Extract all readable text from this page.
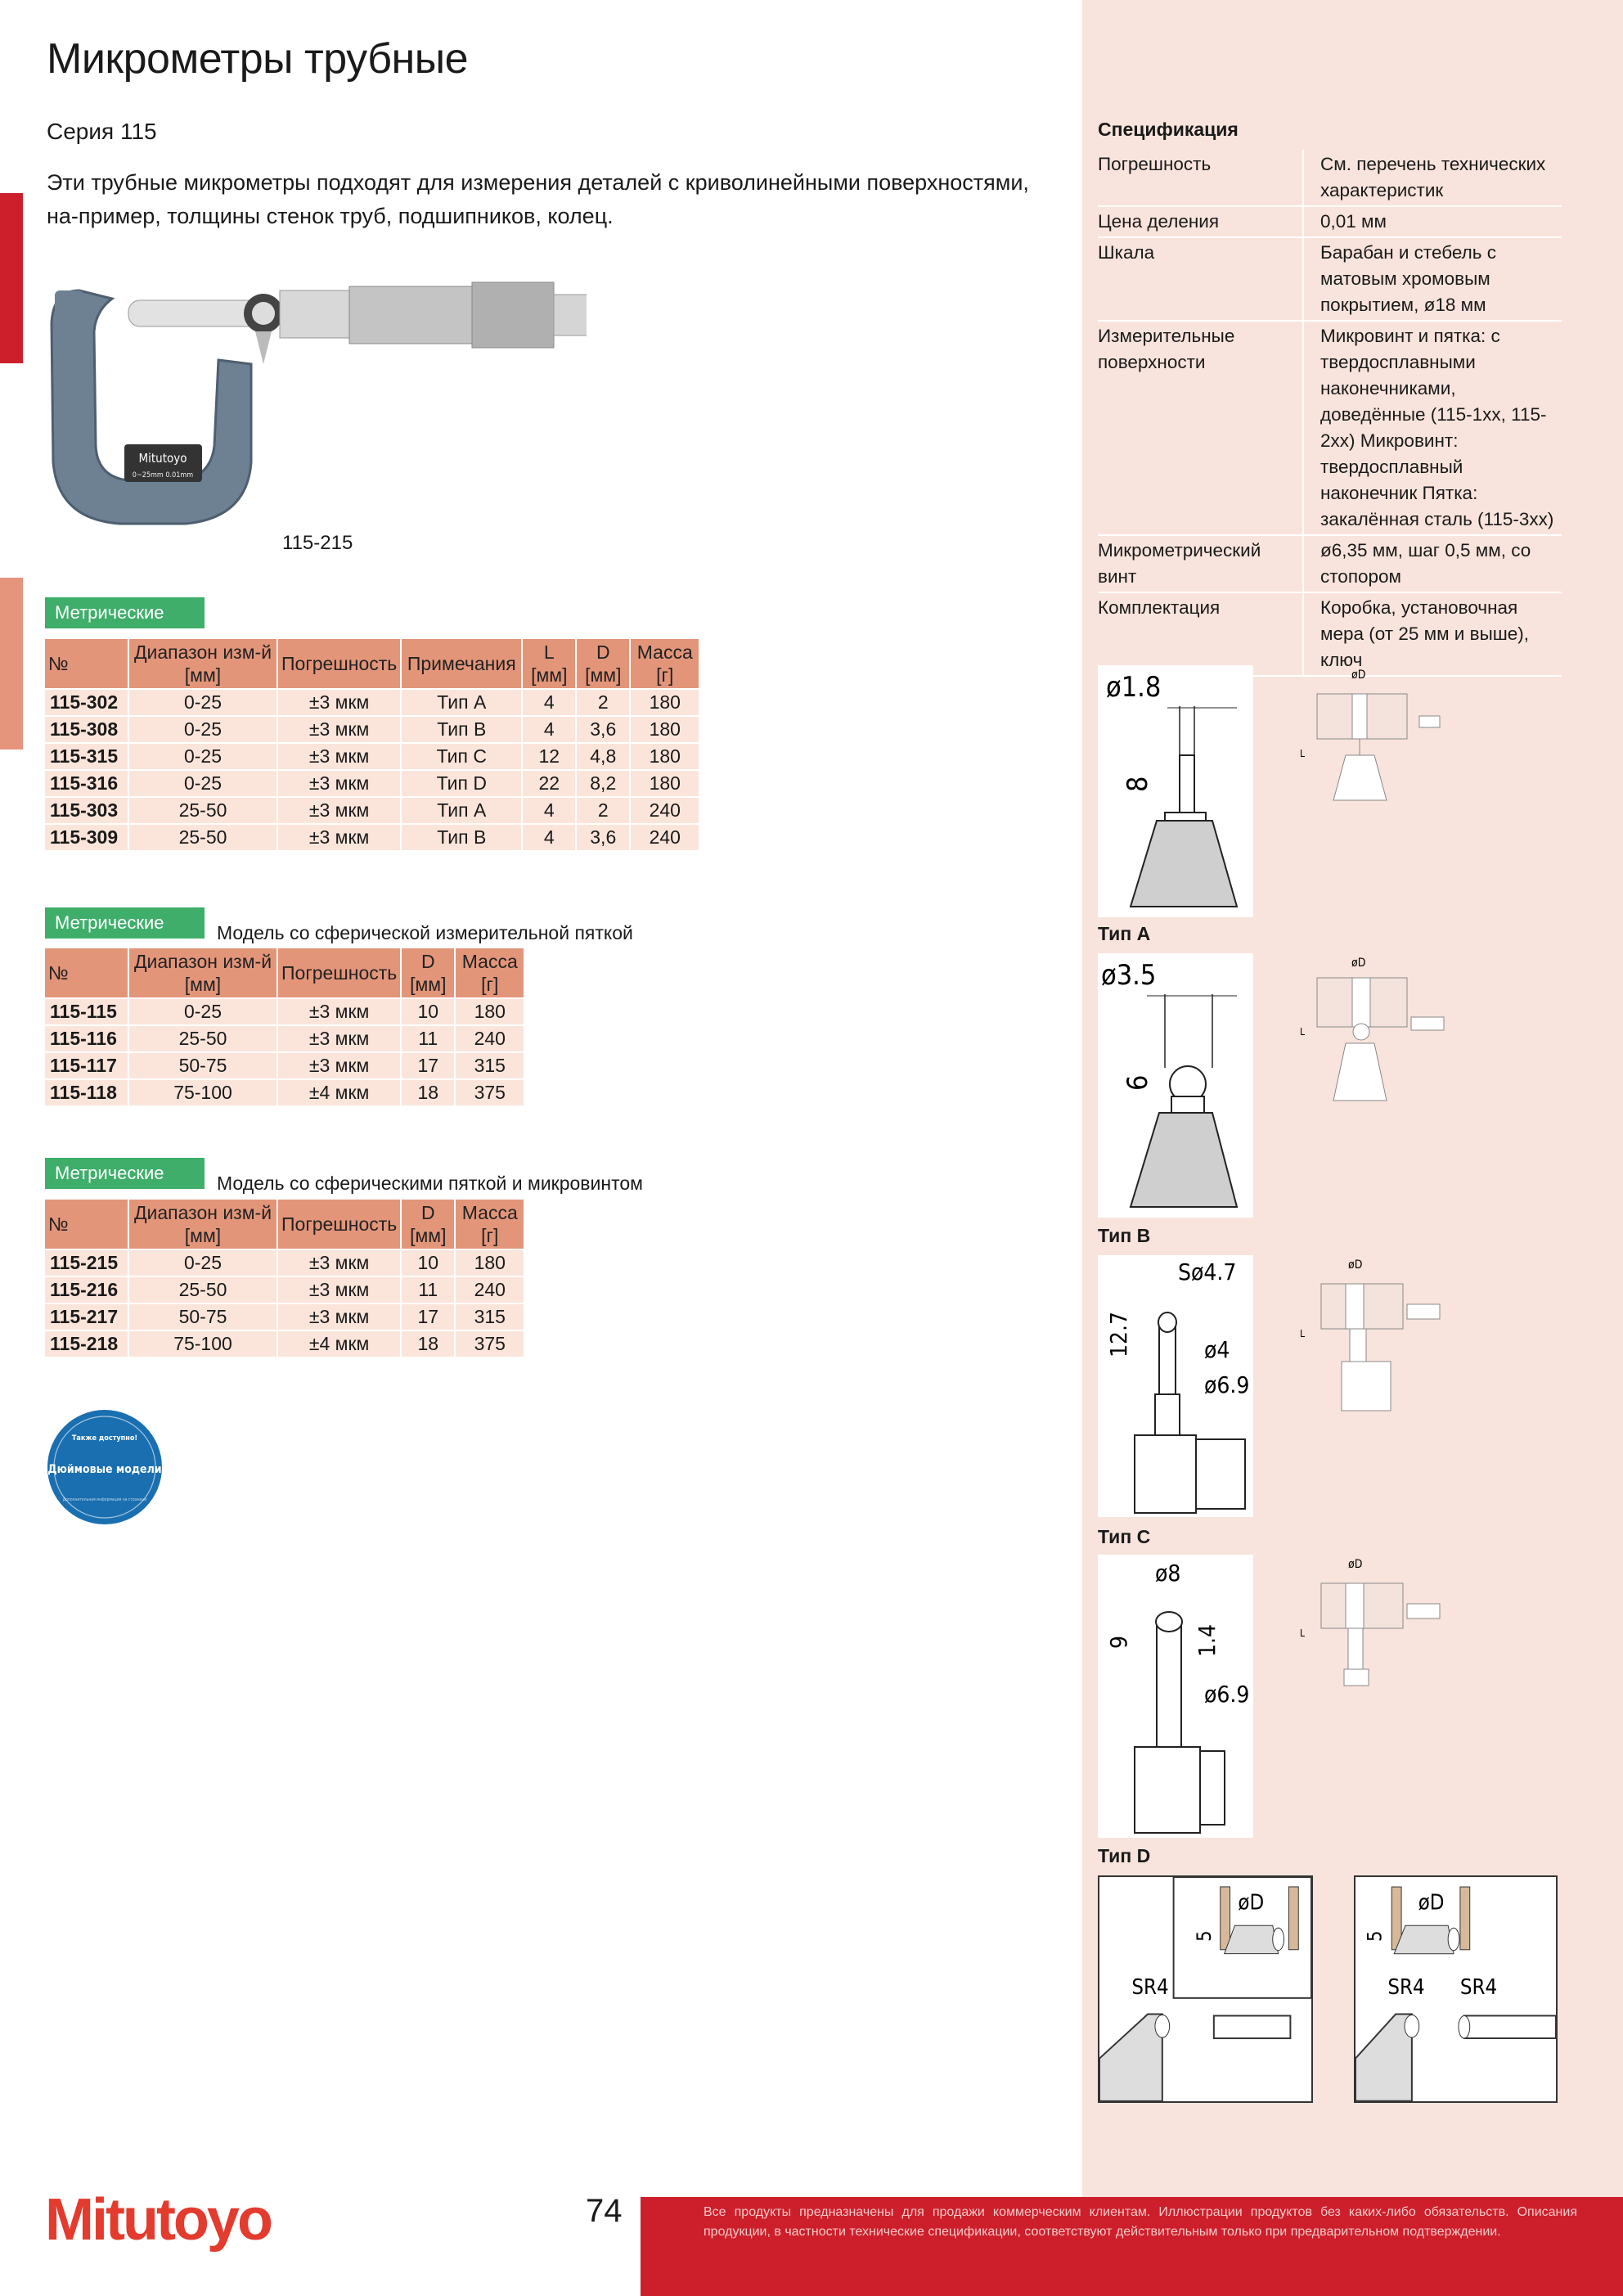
Микрометры трубные
Серия 115
Эти трубные микрометры подходят для измерения деталей с криволинейными поверхностями, на-пример, толщины стенок труб, подшипников, колец.
Mitutoyo
0~25mm 0.01mm
115-215
Метрические
№	Диапазон изм-й [мм]	Погрешность	Примечания	L [мм]	D [мм]	Масса [г]
115-302	0-25	±3 мкм	Тип А	4	2	180
115-308	0-25	±3 мкм	Тип B	4	3,6	180
115-315	0-25	±3 мкм	Тип C	12	4,8	180
115-316	0-25	±3 мкм	Тип D	22	8,2	180
115-303	25-50	±3 мкм	Тип А	4	2	240
115-309	25-50	±3 мкм	Тип B	4	3,6	240
Метрические	Модель со сферической измерительной пяткой
№	Диапазон изм-й [мм]	Погрешность	D [мм]	Масса [г]
115-115	0-25	±3 мкм	10	180
115-116	25-50	±3 мкм	11	240
115-117	50-75	±3 мкм	17	315
115-118	75-100	±4 мкм	18	375
Метрические	Модель со сферическими пяткой и микровинтом
№	Диапазон изм-й [мм]	Погрешность	D [мм]	Масса [г]
115-215	0-25	±3 мкм	10	180
115-216	25-50	±3 мкм	11	240
115-217	50-75	±3 мкм	17	315
115-218	75-100	±4 мкм	18	375
Также доступно!
Дюймовые модели
Дополнительная информация на странице
Спецификация
Погрешность	См. перечень технических характеристик
Цена деления	0,01 мм
Шкала	Барабан и стебель с матовым хромовым покрытием, ø18 мм
Измерительные поверхности	Микровинт и пятка: с твердосплавными наконечниками, доведённые (115-1xx, 115-2xx) Микровинт: твердосплавный наконечник Пятка: закалённая сталь (115-3xx)
Микрометрический винт	ø6,35 мм, шаг 0,5 мм, со стопором
Комплектация	Коробка, установочная мера (от 25 мм и выше), ключ
ø1.8
8
øD
L
Тип A
ø3.5
6
øD
L
Тип B
Sø4.7
ø4
ø6.9
12.7
øD
L
Тип C
ø8
ø6.9
9	1.4
øD
L
Тип D
øD
5
SR4
øD
5
SR4 SR4
Mitutoyo	74	Все продукты предназначены для продажи коммерческим клиентам. Иллюстрации продуктов без каких-либо обязательств. Описания продукции, в частности технические спецификации, соответствуют действительным только при предварительном подтверждении.
